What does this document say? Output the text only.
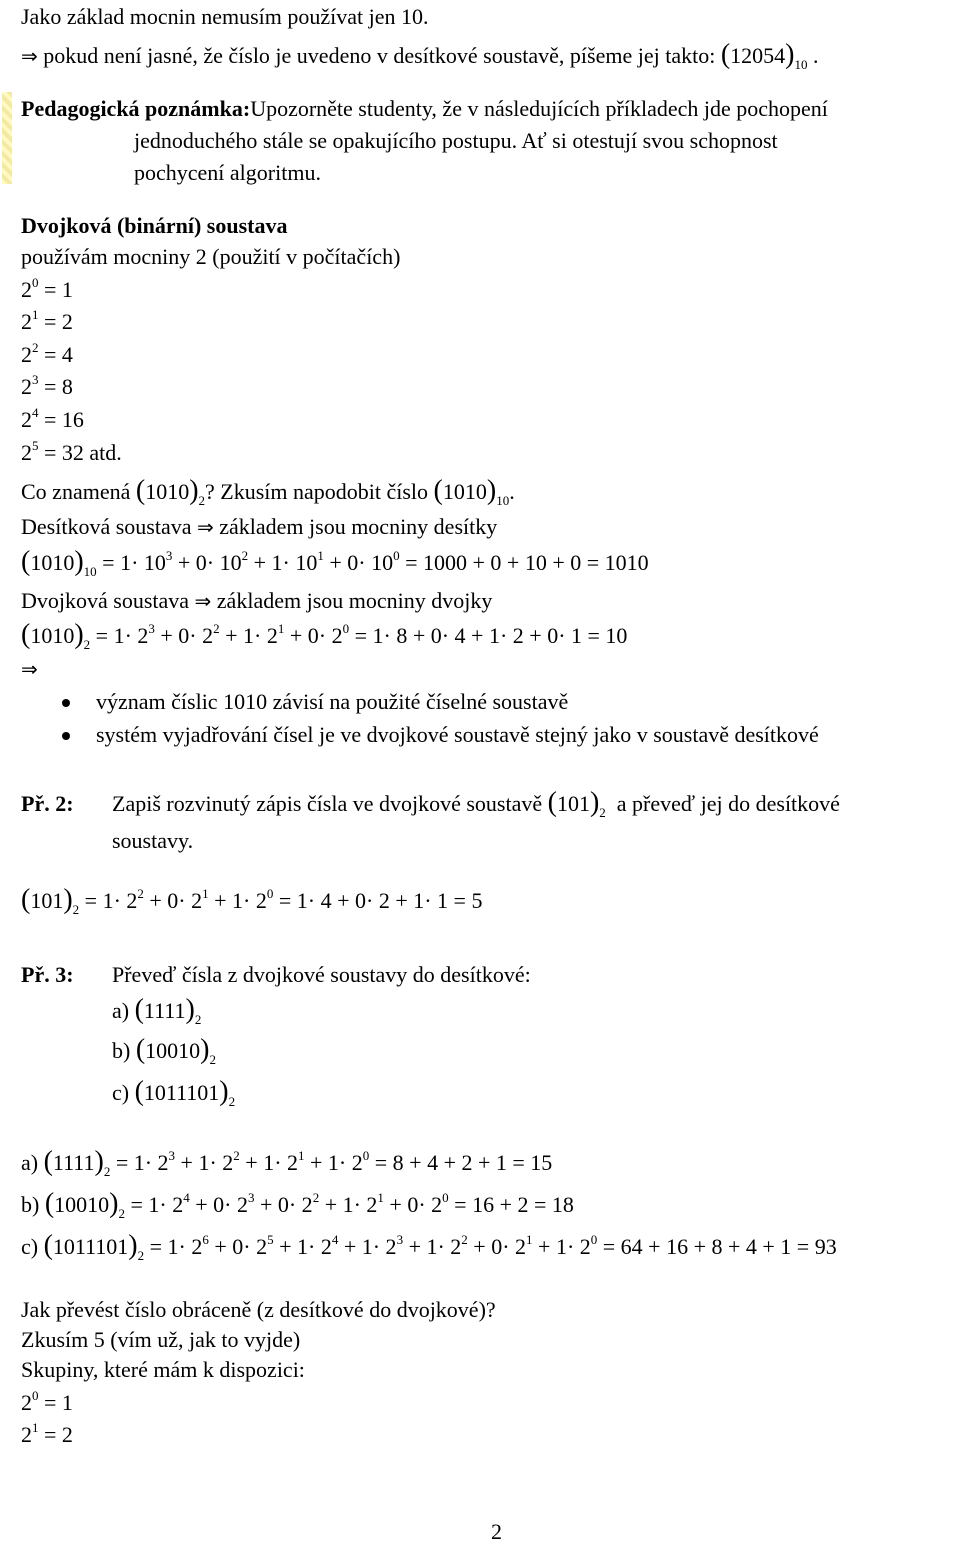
Jako základ mocnin nemusím používat jen 10.
⇒ pokud není jasné, že číslo je uvedeno v desítkové soustavě, píšeme jej takto: $(12054)_{10}$ .
Pedagogická poznámka:Upozorněte studenty, že v následujících příkladech jde pochopení
jednoduchého stále se opakujícího postupu. Ať si otestují svou schopnost
pochycení algoritmu.
Dvojková (binární) soustava
používám mocniny 2 (použití v počítačích)
$2^0 = 1$
$2^1 = 2$
$2^2 = 4$
$2^3 = 8$
$2^4 = 16$
$2^5 = 32$ atd.
Co znamená $(1010)_2$? Zkusím napodobit číslo $(1010)_{10}$.
Desítková soustava ⇒ základem jsou mocniny desítky
$(1010)_{10} = 1\cdot 10^3 + 0\cdot 10^2 + 1\cdot 10^1 + 0\cdot 10^0 = 1000 + 0 + 10 + 0 = 1010$
Dvojková soustava ⇒ základem jsou mocniny dvojky
$(1010)_2 = 1\cdot 2^3 + 0\cdot 2^2 + 1\cdot 2^1 + 0\cdot 2^0 = 1\cdot 8 + 0\cdot 4 + 1\cdot 2 + 0\cdot 1 = 10$
⇒
význam číslic 1010 závisí na použité číselné soustavě
systém vyjadřování čísel je ve dvojkové soustavě stejný jako v soustavě desítkové
Př. 2: Zapiš rozvinutý zápis čísla ve dvojkové soustavě $(101)_2$ a převeď jej do desítkové
soustavy.
$(101)_2 = 1\cdot 2^2 + 0\cdot 2^1 + 1\cdot 2^0 = 1\cdot 4 + 0\cdot 2 + 1\cdot 1 = 5$
Př. 3: Převeď čísla z dvojkové soustavy do desítkové:
a) $(1111)_2$
b) $(10010)_2$
c) $(1011101)_2$
a) $(1111)_2 = 1\cdot 2^3 + 1\cdot 2^2 + 1\cdot 2^1 + 1\cdot 2^0 = 8 + 4 + 2 + 1 = 15$
b) $(10010)_2 = 1\cdot 2^4 + 0\cdot 2^3 + 0\cdot 2^2 + 1\cdot 2^1 + 0\cdot 2^0 = 16 + 2 = 18$
c) $(1011101)_2 = 1\cdot 2^6 + 0\cdot 2^5 + 1\cdot 2^4 + 1\cdot 2^3 + 1\cdot 2^2 + 0\cdot 2^1 + 1\cdot 2^0 = 64 + 16 + 8 + 4 + 1 = 93$
Jak převést číslo obráceně (z desítkové do dvojkové)?
Zkusím 5 (vím už, jak to vyjde)
Skupiny, které mám k dispozici:
$2^0 = 1$
$2^1 = 2$
2
